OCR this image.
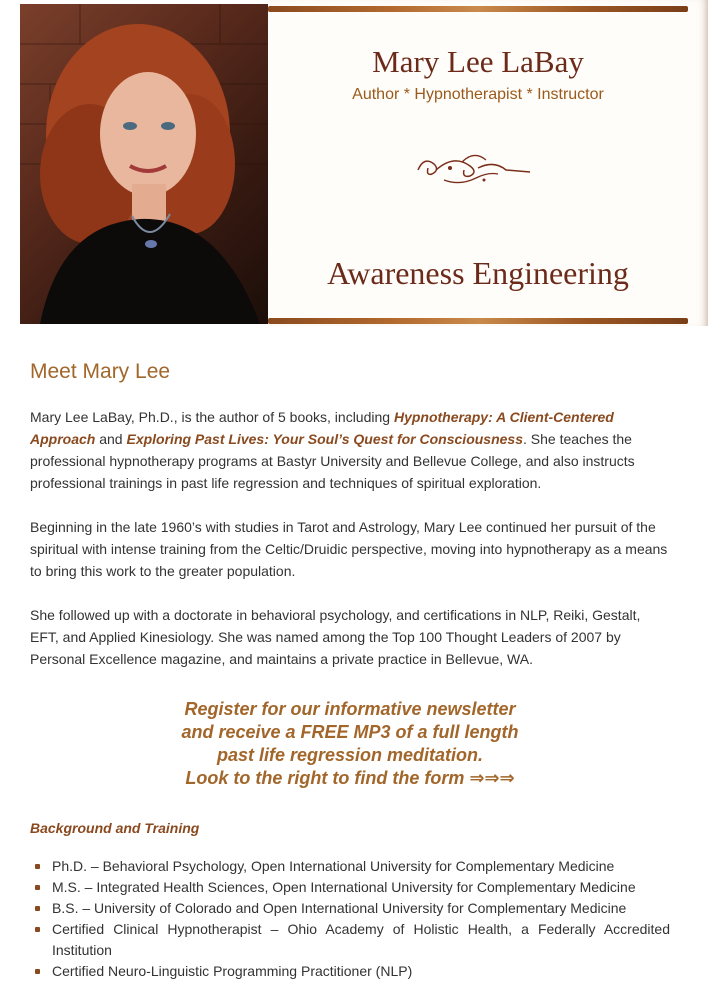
Mary Lee LaBay
Author * Hypnotherapist * Instructor
Awareness Engineering
Meet Mary Lee

Mary Lee LaBay, Ph.D., is the author of 5 books, including Hypnotherapy: A Client-Centered Approach and Exploring Past Lives: Your Soul’s Quest for Consciousness. She teaches the professional hypnotherapy programs at Bastyr University and Bellevue College, and also instructs professional trainings in past life regression and techniques of spiritual exploration.

Beginning in the late 1960’s with studies in Tarot and Astrology, Mary Lee continued her pursuit of the spiritual with intense training from the Celtic/Druidic perspective, moving into hypnotherapy as a means to bring this work to the greater population.

She followed up with a doctorate in behavioral psychology, and certifications in NLP, Reiki, Gestalt, EFT, and Applied Kinesiology. She was named among the Top 100 Thought Leaders of 2007 by Personal Excellence magazine, and maintains a private practice in Bellevue, WA.

Register for our informative newsletter
and receive a FREE MP3 of a full length
past life regression meditation.
Look to the right to find the form ⇒⇒⇒
Background and Training
Ph.D. – Behavioral Psychology, Open International University for Complementary Medicine
M.S. – Integrated Health Sciences, Open International University for Complementary Medicine
B.S. – University of Colorado and Open International University for Complementary Medicine
Certified Clinical Hypnotherapist – Ohio Academy of Holistic Health, a Federally Accredited Institution
Certified Neuro-Linguistic Programming Practitioner (NLP)
